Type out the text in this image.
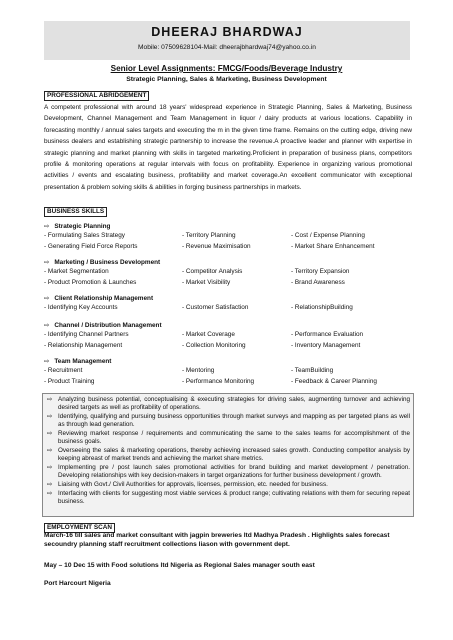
DHEERAJ BHARDWAJ
Mobile: 07509628104-Mail: dheerajbhardwaj74@yahoo.co.in
Senior Level Assignments: FMCG/Foods/Beverage Industry
Strategic Planning, Sales & Marketing, Business Development
PROFESSIONAL ABRIDGEMENT

A competent professional with around 18 years' widespread experience in Strategic Planning, Sales & Marketing, Business Development, Channel Management and Team Management in liquor / dairy products at various locations. Capability in forecasting monthly / annual sales targets and executing the m in the given time frame. Remains on the cutting edge, driving new business dealers and establishing strategic partnership to increase the revenue.A proactive leader and planner with expertise in strategic planning and market planning with skills in targeted marketing.Proficient in preparation of business plans, competitors profile & monitoring operations at regular intervals with focus on profitability. Experience in organizing various promotional activities / events and escalating business, profitability and market coverage.An excellent communicator with exceptional presentation & problem solving skills & abilities in forging business partnerships in markets.

BUSINESS SKILLS
⇨ Strategic Planning
- Formulating Sales Strategy	- Territory Planning	- Cost / Expense Planning
- Generating Field Force Reports	- Revenue Maximisation	- Market Share Enhancement
⇨ Marketing / Business Development
- Market Segmentation	- Competitor Analysis	- Territory Expansion
- Product Promotion & Launches	- Market Visibility	- Brand Awareness
⇨ Client Relationship Management
- Identifying Key Accounts	- Customer Satisfaction	- RelationshipBuilding
⇨ Channel / Distribution Management
- Identifying Channel Partners	- Market Coverage	- Performance Evaluation
- Relationship Management	- Collection Monitoring	- Inventory Management
⇨ Team Management
- Recruitment	- Mentoring	- TeamBuilding
- Product Training	- Performance Monitoring	- Feedback & Career Planning
⇨ Analyzing business potential, conceptualising & executing strategies for driving sales, augmenting turnover and achieving desired targets as well as profitability of operations.
⇨ Identifying, qualifying and pursuing business opportunities through market surveys and mapping as per targeted plans as well as through lead generation.
⇨ Reviewing market response / requirements and communicating the same to the sales teams for accomplishment of the business goals.
⇨ Overseeing the sales & marketing operations, thereby achieving increased sales growth. Conducting competitor analysis by keeping abreast of market trends and achieving the market share metrics.
⇨ Implementing pre / post launch sales promotional activities for brand building and market development / penetration. Developing relationships with key decision-makers in target organizations for further business development / growth.
⇨ Liaising with Govt./ Civil Authorities for approvals, licenses, permission, etc. needed for business.
⇨ Interfacing with clients for suggesting most viable services & product range; cultivating relations with them for securing repeat business.
EMPLOYMENT SCAN

March-16 till sales and market consultant with jagpin breweries ltd Madhya Pradesh . Highlights sales forecast secoundry planning staff recruitment collections liason with government dept.

May – 10 Dec 15 with Food solutions ltd Nigeria as Regional Sales manager south east

Port Harcourt Nigeria
